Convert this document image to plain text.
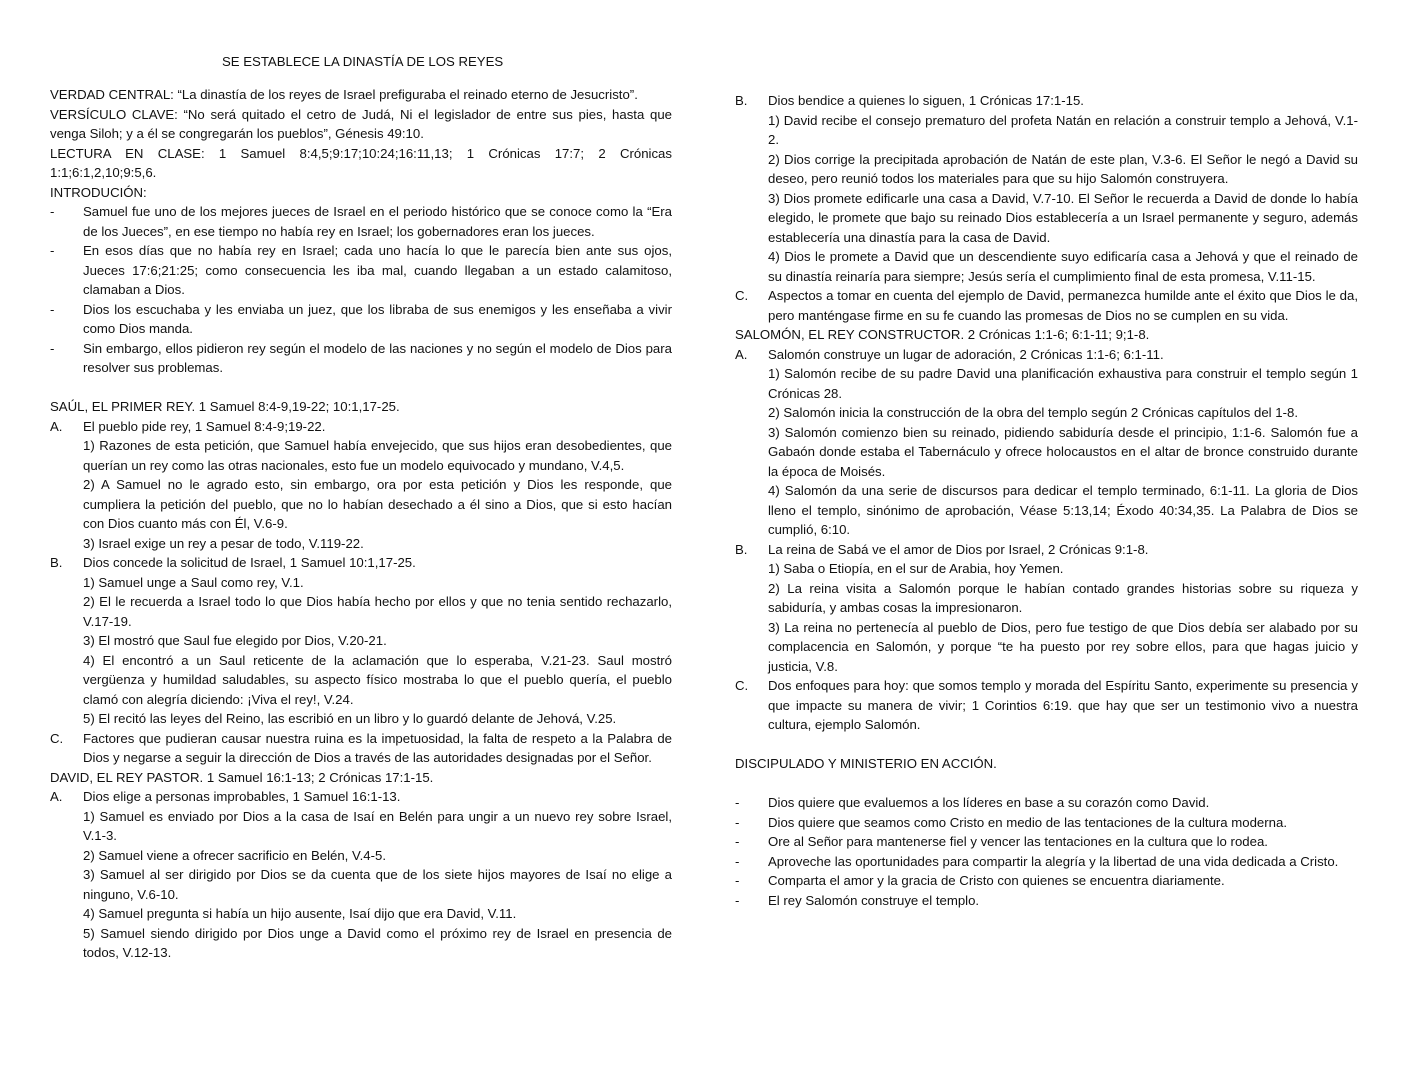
SE ESTABLECE LA DINASTÍA DE LOS REYES

VERDAD CENTRAL: “La dinastía de los reyes de Israel prefiguraba el reinado eterno de Jesucristo”.

VERSÍCULO CLAVE: “No será quitado el cetro de Judá, Ni el legislador de entre sus pies, hasta que venga Siloh; y a él se congregarán los pueblos”, Génesis 49:10.

LECTURA EN CLASE: 1 Samuel 8:4,5;9:17;10:24;16:11,13; 1 Crónicas 17:7; 2 Crónicas 1:1;6:1,2,10;9:5,6.

INTRODUCIÓN:

-	Samuel fue uno de los mejores jueces de Israel en el periodo histórico que se conoce como la “Era de los Jueces”, en ese tiempo no había rey en Israel; los gobernadores eran los jueces.
-	En esos días que no había rey en Israel; cada uno hacía lo que le parecía bien ante sus ojos, Jueces 17:6;21:25; como consecuencia les iba mal, cuando llegaban a un estado calamitoso, clamaban a Dios.
-	Dios los escuchaba y les enviaba un juez, que los libraba de sus enemigos y les enseñaba a vivir como Dios manda.
-	Sin embargo, ellos pidieron rey según el modelo de las naciones y no según el modelo de Dios para resolver sus problemas.

SAÚL, EL PRIMER REY. 1 Samuel 8:4-9,19-22; 10:1,17-25.

A.	El pueblo pide rey, 1 Samuel 8:4-9;19-22.

1) Razones de esta petición, que Samuel había envejecido, que sus hijos eran desobedientes, que querían un rey como las otras nacionales, esto fue un modelo equivocado y mundano, V.4,5.

2) A Samuel no le agrado esto, sin embargo, ora por esta petición y Dios les responde, que cumpliera la petición del pueblo, que no lo habían desechado a él sino a Dios, que si esto hacían con Dios cuanto más con Él, V.6-9.

3) Israel exige un rey a pesar de todo, V.119-22.

B.	Dios concede la solicitud de Israel, 1 Samuel 10:1,17-25.

1) Samuel unge a Saul como rey, V.1.

2) El le recuerda a Israel todo lo que Dios había hecho por ellos y que no tenia sentido rechazarlo, V.17-19.

3) El mostró que Saul fue elegido por Dios, V.20-21.

4) El encontró a un Saul reticente de la aclamación que lo esperaba, V.21-23. Saul mostró vergüenza y humildad saludables, su aspecto físico mostraba lo que el pueblo quería, el pueblo clamó con alegría diciendo: ¡Viva el rey!, V.24.

5) El recitó las leyes del Reino, las escribió en un libro y lo guardó delante de Jehová, V.25.

C.	Factores que pudieran causar nuestra ruina es la impetuosidad, la falta de respeto a la Palabra de Dios y negarse a seguir la dirección de Dios a través de las autoridades designadas por el Señor.

DAVID, EL REY PASTOR. 1 Samuel 16:1-13; 2 Crónicas 17:1-15.

A.	Dios elige a personas improbables, 1 Samuel 16:1-13.

1) Samuel es enviado por Dios a la casa de Isaí en Belén para ungir a un nuevo rey sobre Israel, V.1-3.

2) Samuel viene a ofrecer sacrificio en Belén, V.4-5.

3) Samuel al ser dirigido por Dios se da cuenta que de los siete hijos mayores de Isaí no elige a ninguno, V.6-10.

4) Samuel pregunta si había un hijo ausente, Isaí dijo que era David, V.11.

5) Samuel siendo dirigido por Dios unge a David como el próximo rey de Israel en presencia de todos, V.12-13.

B.	Dios bendice a quienes lo siguen, 1 Crónicas 17:1-15.

1) David recibe el consejo prematuro del profeta Natán en relación a construir templo a Jehová, V.1-2.

2) Dios corrige la precipitada aprobación de Natán de este plan, V.3-6. El Señor le negó a David su deseo, pero reunió todos los materiales para que su hijo Salomón construyera.

3) Dios promete edificarle una casa a David, V.7-10. El Señor le recuerda a David de donde lo había elegido, le promete que bajo su reinado Dios establecería a un Israel permanente y seguro, además establecería una dinastía para la casa de David.

4) Dios le promete a David que un descendiente suyo edificaría casa a Jehová y que el reinado de su dinastía reinaría para siempre; Jesús sería el cumplimiento final de esta promesa, V.11-15.

C.	Aspectos a tomar en cuenta del ejemplo de David, permanezca humilde ante el éxito que Dios le da, pero manténgase firme en su fe cuando las promesas de Dios no se cumplen en su vida.

SALOMÓN, EL REY CONSTRUCTOR. 2 Crónicas 1:1-6; 6:1-11; 9;1-8.

A.	Salomón construye un lugar de adoración, 2 Crónicas 1:1-6; 6:1-11.

1) Salomón recibe de su padre David una planificación exhaustiva para construir el templo según 1 Crónicas 28.

2) Salomón inicia la construcción de la obra del templo según 2 Crónicas capítulos del 1-8.

3) Salomón comienzo bien su reinado, pidiendo sabiduría desde el principio, 1:1-6. Salomón fue a Gabaón donde estaba el Tabernáculo y ofrece holocaustos en el altar de bronce construido durante la época de Moisés.

4) Salomón da una serie de discursos para dedicar el templo terminado, 6:1-11. La gloria de Dios lleno el templo, sinónimo de aprobación, Véase 5:13,14; Éxodo 40:34,35. La Palabra de Dios se cumplió, 6:10.

B.	La reina de Sabá ve el amor de Dios por Israel, 2 Crónicas 9:1-8.

1) Saba o Etiopía, en el sur de Arabia, hoy Yemen.

2) La reina visita a Salomón porque le habían contado grandes historias sobre su riqueza y sabiduría, y ambas cosas la impresionaron.

3) La reina no pertenecía al pueblo de Dios, pero fue testigo de que Dios debía ser alabado por su complacencia en Salomón, y porque “te ha puesto por rey sobre ellos, para que hagas juicio y justicia, V.8.

C.	Dos enfoques para hoy: que somos templo y morada del Espíritu Santo, experimente su presencia y que impacte su manera de vivir; 1 Corintios 6:19. que hay que ser un testimonio vivo a nuestra cultura, ejemplo Salomón.

DISCIPULADO Y MINISTERIO EN ACCIÓN.

-	Dios quiere que evaluemos a los líderes en base a su corazón como David.
-	Dios quiere que seamos como Cristo en medio de las tentaciones de la cultura moderna.
-	Ore al Señor para mantenerse fiel y vencer las tentaciones en la cultura que lo rodea.
-	Aproveche las oportunidades para compartir la alegría y la libertad de una vida dedicada a Cristo.
-	Comparta el amor y la gracia de Cristo con quienes se encuentra diariamente.
-	El rey Salomón construye el templo.
